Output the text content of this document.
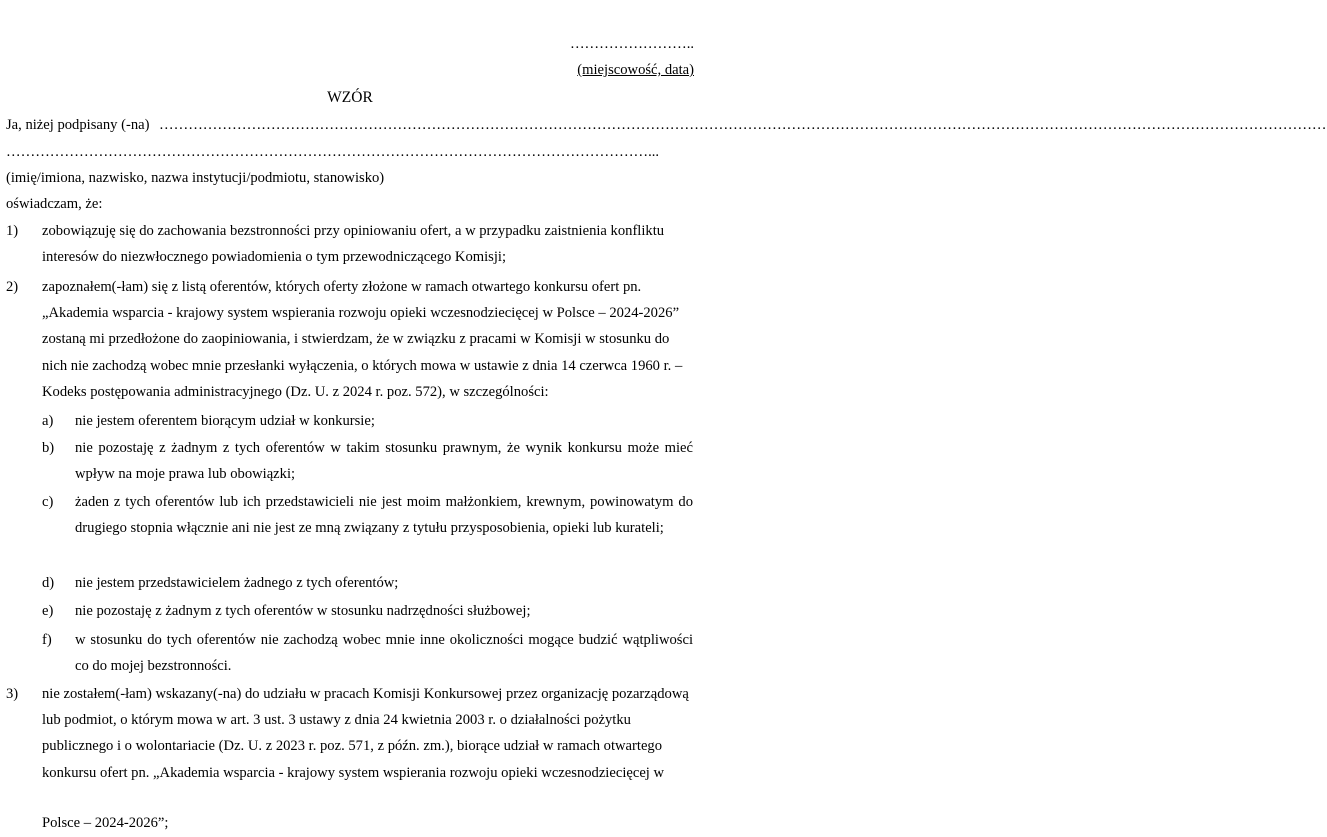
……………………..
(miejscowość, data)
WZÓR
Ja, niżej podpisany (-na) ……………………………………………………………………………………………………………………………………………………………………………………………………………………
……………………………………………………………………………………………………………………...
(imię/imiona, nazwisko, nazwa instytucji/podmiotu, stanowisko)
oświadczam, że:
1) zobowiązuję się do zachowania bezstronności przy opiniowaniu ofert, a w przypadku zaistnienia konfliktu interesów do niezwłocznego powiadomienia o tym przewodniczącego Komisji;
2) zapoznałem(-łam) się z listą oferentów, których oferty złożone w ramach otwartego konkursu ofert pn. „Akademia wsparcia - krajowy system wspierania rozwoju opieki wczesnodziecięcej w Polsce – 2024-2026” zostaną mi przedłożone do zaopiniowania, i stwierdzam, że w związku z pracami w Komisji w stosunku do nich nie zachodzą wobec mnie przesłanki wyłączenia, o których mowa w ustawie z dnia 14 czerwca 1960 r. – Kodeks postępowania administracyjnego (Dz. U. z 2024 r. poz. 572), w szczególności:
a) nie jestem oferentem biorącym udział w konkursie;
b) nie pozostaję z żadnym z tych oferentów w takim stosunku prawnym, że wynik konkursu może mieć wpływ na moje prawa lub obowiązki;
c) żaden z tych oferentów lub ich przedstawicieli nie jest moim małżonkiem, krewnym, powinowatym do drugiego stopnia włącznie ani nie jest ze mną związany z tytułu przysposobienia, opieki lub kurateli;
d) nie jestem przedstawicielem żadnego z tych oferentów;
e) nie pozostaję z żadnym z tych oferentów w stosunku nadrzędności służbowej;
f) w stosunku do tych oferentów nie zachodzą wobec mnie inne okoliczności mogące budzić wątpliwości co do mojej bezstronności.
3) nie zostałem(-łam) wskazany(-na) do udziału w pracach Komisji Konkursowej przez organizację pozarządową lub podmiot, o którym mowa w art. 3 ust. 3 ustawy z dnia 24 kwietnia 2003 r. o działalności pożytku publicznego i o wolontariacie (Dz. U. z 2023 r. poz. 571, z późn. zm.), biorące udział w ramach otwartego konkursu ofert pn. „Akademia wsparcia - krajowy system wspierania rozwoju opieki wczesnodziecięcej w
Polsce – 2024-2026”;
